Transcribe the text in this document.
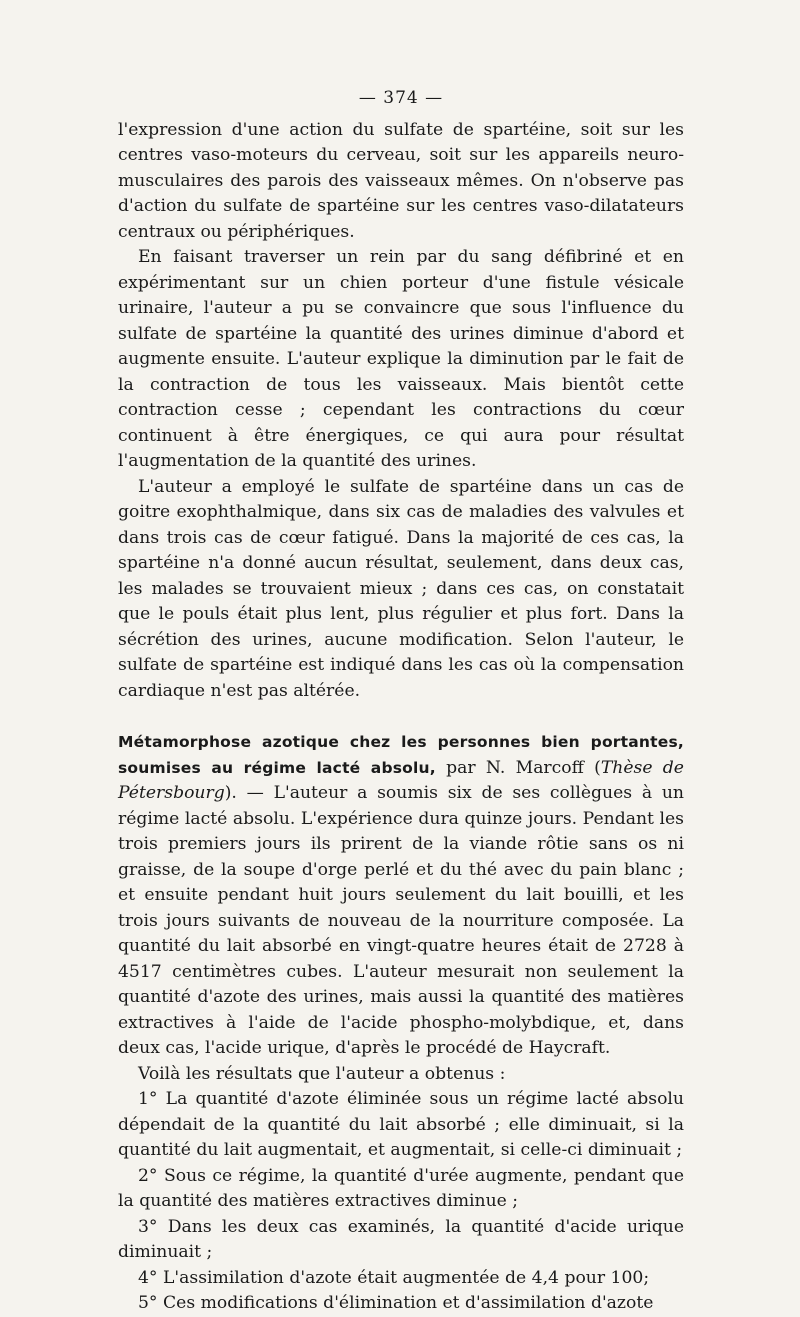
— 374 —

l'expression d'une action du sulfate de spartéine, soit sur les centres vaso-moteurs du cerveau, soit sur les appareils neuro-musculaires des parois des vaisseaux mêmes. On n'observe pas d'action du sulfate de spartéine sur les centres vaso-dilatateurs centraux ou périphériques.

En faisant traverser un rein par du sang défibriné et en expérimentant sur un chien porteur d'une fistule vésicale urinaire, l'auteur a pu se convaincre que sous l'influence du sulfate de spartéine la quantité des urines diminue d'abord et augmente ensuite. L'auteur explique la diminution par le fait de la contraction de tous les vaisseaux. Mais bientôt cette contraction cesse ; cependant les contractions du cœur continuent à être énergiques, ce qui aura pour résultat l'augmentation de la quantité des urines.

L'auteur a employé le sulfate de spartéine dans un cas de goitre exophthalmique, dans six cas de maladies des valvules et dans trois cas de cœur fatigué. Dans la majorité de ces cas, la spartéine n'a donné aucun résultat, seulement, dans deux cas, les malades se trouvaient mieux ; dans ces cas, on constatait que le pouls était plus lent, plus régulier et plus fort. Dans la sécrétion des urines, aucune modification. Selon l'auteur, le sulfate de spartéine est indiqué dans les cas où la compensation cardiaque n'est pas altérée.

Métamorphose azotique chez les personnes bien portantes, soumises au régime lacté absolu, par N. Marcoff (Thèse de Pétersbourg). — L'auteur a soumis six de ses collègues à un régime lacté absolu. L'expérience dura quinze jours. Pendant les trois premiers jours ils prirent de la viande rôtie sans os ni graisse, de la soupe d'orge perlé et du thé avec du pain blanc ; et ensuite pendant huit jours seulement du lait bouilli, et les trois jours suivants de nouveau de la nourriture composée. La quantité du lait absorbé en vingt-quatre heures était de 2728 à 4517 centimètres cubes. L'auteur mesurait non seulement la quantité d'azote des urines, mais aussi la quantité des matières extractives à l'aide de l'acide phospho-molybdique, et, dans deux cas, l'acide urique, d'après le procédé de Haycraft.

Voilà les résultats que l'auteur a obtenus :

1° La quantité d'azote éliminée sous un régime lacté absolu dépendait de la quantité du lait absorbé ; elle diminuait, si la quantité du lait augmentait, et augmentait, si celle-ci diminuait ;

2° Sous ce régime, la quantité d'urée augmente, pendant que la quantité des matières extractives diminue ;

3° Dans les deux cas examinés, la quantité d'acide urique diminuait ;

4° L'assimilation d'azote était augmentée de 4,4 pour 100;

5° Ces modifications d'élimination et d'assimilation d'azote
